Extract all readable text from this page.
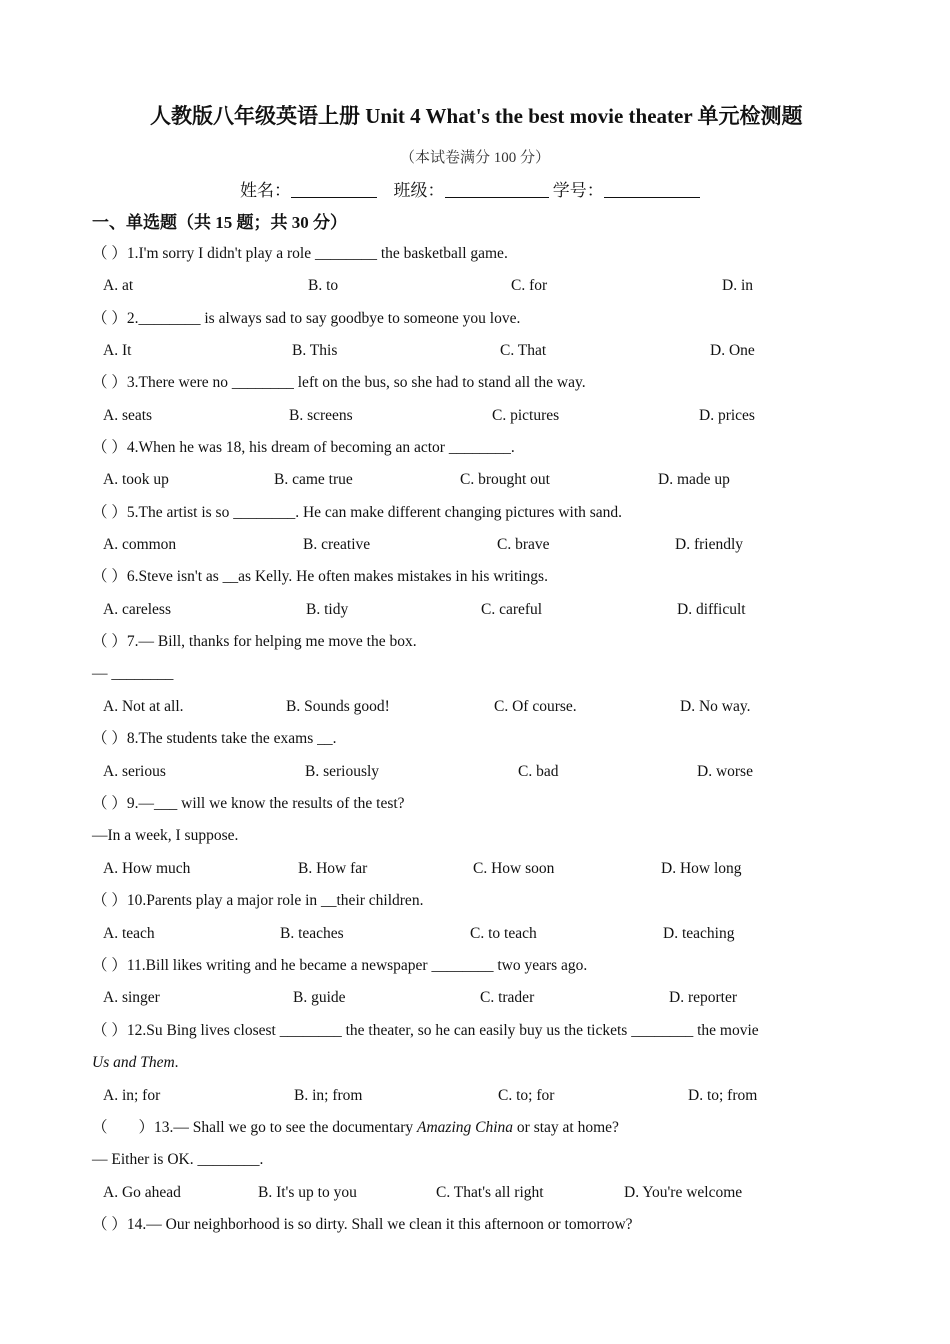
人教版八年级英语上册 Unit 4 What's the best movie theater 单元检测题
（本试卷满分 100 分）
姓名：	班级：	学号：
一、单选题（共 15 题；共 30 分）
（ ）1.I'm sorry I didn't play a role ________ the basketball game.
A. at	B. to	C. for	D. in
（ ）2.________ is always sad to say goodbye to someone you love.
A. It	B. This	C. That	D. One
（ ）3.There were no ________ left on the bus, so she had to stand all the way.
A. seats	B. screens	C. pictures	D. prices
（ ）4.When he was 18, his dream of becoming an actor ________.
A. took up	B. came true	C. brought out	D. made up
（ ）5.The artist is so ________. He can make different changing pictures with sand.
A. common	B. creative	C. brave	D. friendly
（ ）6.Steve isn't as __as Kelly. He often makes mistakes in his writings.
A. careless	B. tidy	C. careful	D. difficult
（ ）7.— Bill, thanks for helping me move the box.
— ________
A. Not at all.	B. Sounds good!	C. Of course.	D. No way.
（ ）8.The students take the exams __.
A. serious	B. seriously	C. bad	D. worse
（ ）9.—___ will we know the results of the test?
—In a week, I suppose.
A. How much	B. How far	C. How soon	D. How long
（ ）10.Parents play a major role in __their children.
A. teach	B. teaches	C. to teach	D. teaching
（ ）11.Bill likes writing and he became a newspaper ________ two years ago.
A. singer	B. guide	C. trader	D. reporter
（ ）12.Su Bing lives closest ________ the theater, so he can easily buy us the tickets ________ the movie
Us and Them.
A. in; for	B. in; from	C. to; for	D. to; from
（        ）13.— Shall we go to see the documentary Amazing China or stay at home?
— Either is OK. ________.
A. Go ahead	B. It's up to you	C. That's all right	D. You're welcome
（ ）14.— Our neighborhood is so dirty. Shall we clean it this afternoon or tomorrow?
